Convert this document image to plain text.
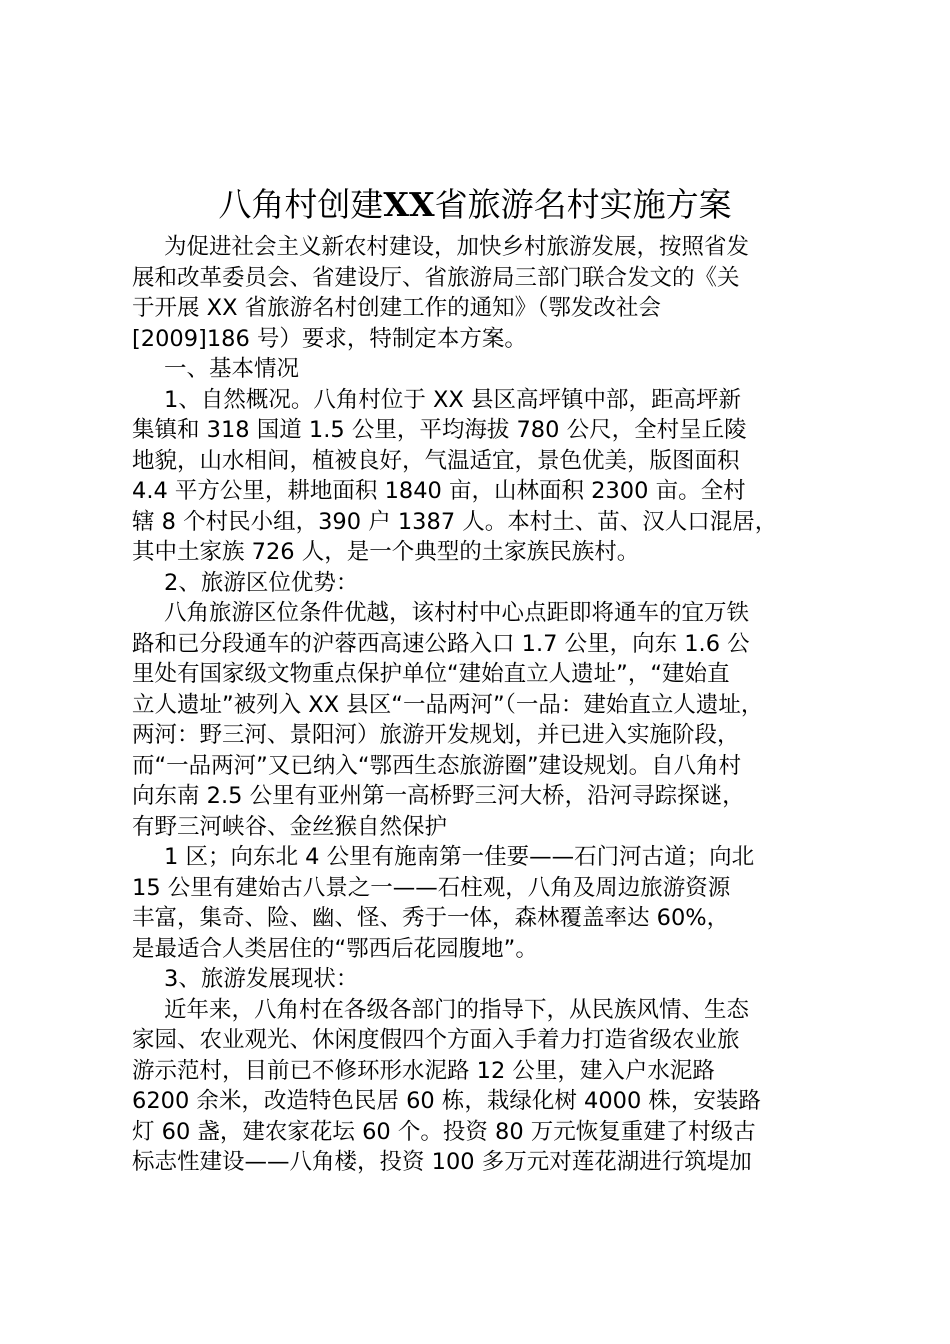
八角村创建XX省旅游名村实施方案
为促进社会主义新农村建设，加快乡村旅游发展，按照省发
展和改革委员会、省建设厅、省旅游局三部门联合发文的《关
于开展 XX 省旅游名村创建工作的通知》（鄂发改社会
[2009]186 号）要求，特制定本方案。
一、基本情况
1、自然概况。八角村位于 XX 县区高坪镇中部，距高坪新
集镇和 318 国道 1.5 公里，平均海拔 780 公尺，全村呈丘陵
地貌，山水相间，植被良好，气温适宜，景色优美，版图面积
4.4 平方公里，耕地面积 1840 亩，山林面积 2300 亩。全村
辖 8 个村民小组，390 户 1387 人。本村土、苗、汉人口混居，
其中土家族 726 人，是一个典型的土家族民族村。
2、旅游区位优势：
八角旅游区位条件优越，该村村中心点距即将通车的宜万铁
路和已分段通车的沪蓉西高速公路入口 1.7 公里，向东 1.6 公
里处有国家级文物重点保护单位“建始直立人遗址”，“建始直
立人遗址”被列入 XX 县区“一品两河”（一品：建始直立人遗址，
两河：野三河、景阳河）旅游开发规划，并已进入实施阶段，
而“一品两河”又已纳入“鄂西生态旅游圈”建设规划。自八角村
向东南 2.5 公里有亚州第一高桥野三河大桥，沿河寻踪探谜，
有野三河峡谷、金丝猴自然保护
1 区；向东北 4 公里有施南第一佳要——石门河古道；向北
15 公里有建始古八景之一——石柱观，八角及周边旅游资源
丰富，集奇、险、幽、怪、秀于一体，森林覆盖率达 60%，
是最适合人类居住的“鄂西后花园腹地”。
3、旅游发展现状：
近年来，八角村在各级各部门的指导下，从民族风情、生态
家园、农业观光、休闲度假四个方面入手着力打造省级农业旅
游示范村，目前已不修环形水泥路 12 公里，建入户水泥路
6200 余米，改造特色民居 60 栋，栽绿化树 4000 株，安装路
灯 60 盏，建农家花坛 60 个。投资 80 万元恢复重建了村级古
标志性建设——八角楼，投资 100 多万元对莲花湖进行筑堤加
